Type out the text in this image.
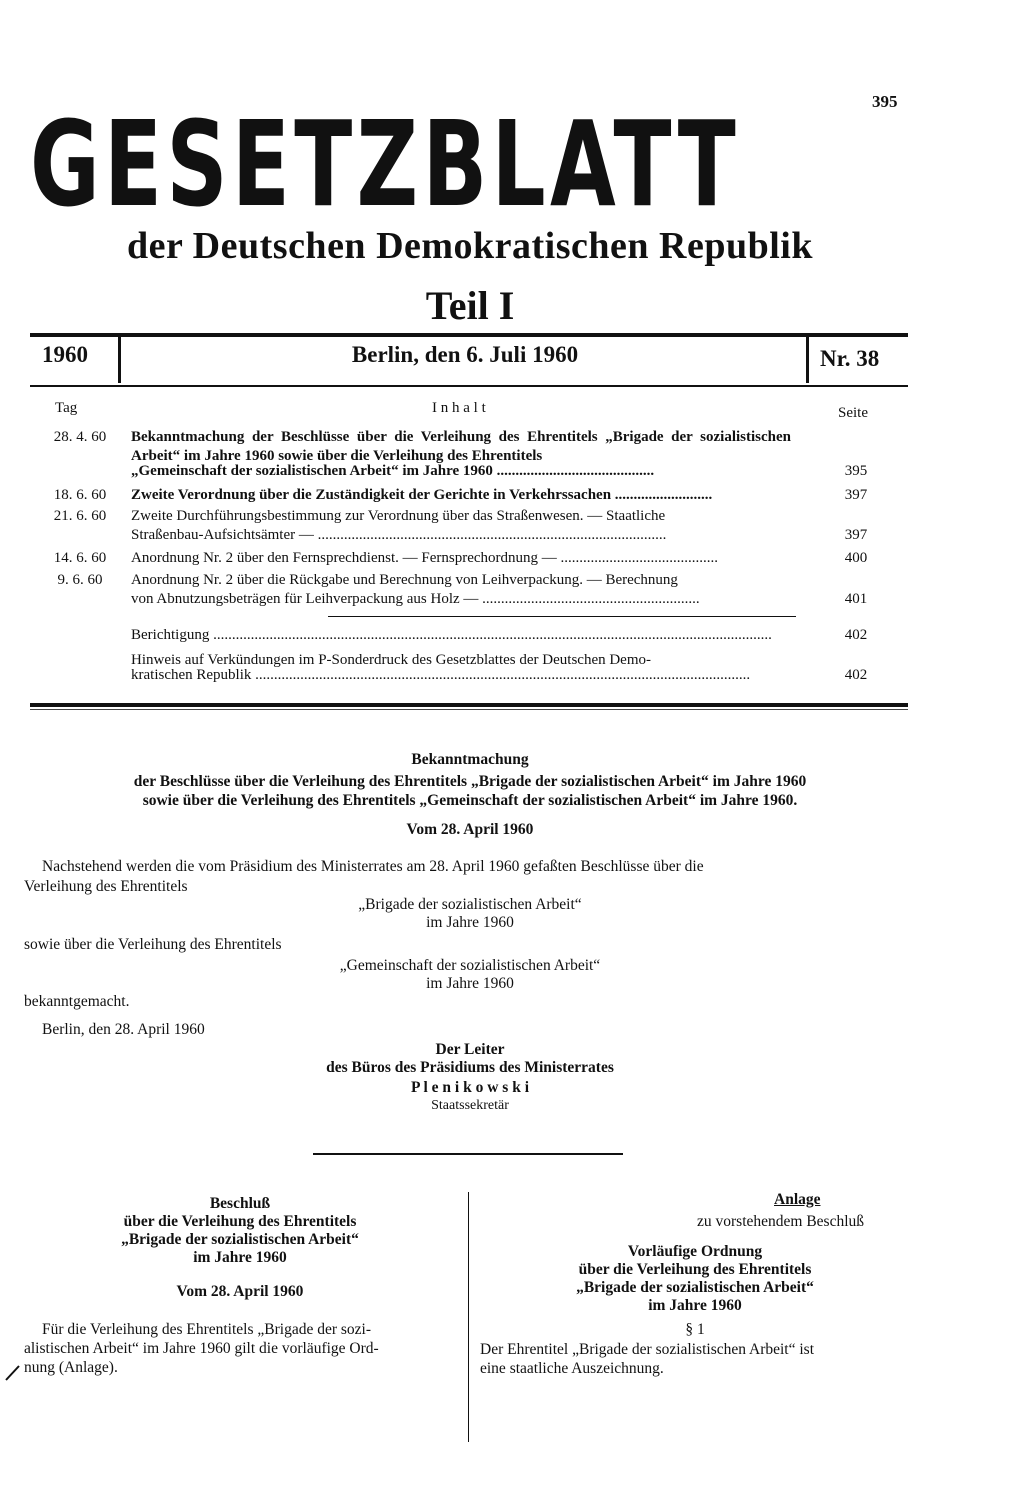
395
GESETZBLATT
der Deutschen Demokratischen Republik
Teil I
1960	Berlin, den 6. Juli 1960	Nr. 38
Tag	I n h a l t	Seite
28. 4. 60	Bekanntmachung der Beschlüsse über die Verleihung des Ehrentitels „Brigade der sozialistischen Arbeit“ im Jahre 1960 sowie über die Verleihung des Ehrentitels
„Gemeinschaft der sozialistischen Arbeit“ im Jahre 1960 ..........................................	395
18. 6. 60	Zweite Verordnung über die Zuständigkeit der Gerichte in Verkehrssachen ..........................	397
21. 6. 60	Zweite Durchführungsbestimmung zur Verordnung über das Straßenwesen. — Staatliche
Straßenbau-Aufsichtsämter — .............................................................................................	397
14. 6. 60	Anordnung Nr. 2 über den Fernsprechdienst. — Fernsprechordnung — ..........................................	400
9. 6. 60	Anordnung Nr. 2 über die Rückgabe und Berechnung von Leihverpackung. — Berechnung
von Abnutzungsbeträgen für Leihverpackung aus Holz — ..........................................................	401
Berichtigung .....................................................................................................................................................	402
Hinweis auf Verkündungen im P-Sonderdruck des Gesetzblattes der Deutschen Demo-
kratischen Republik ....................................................................................................................................	402
Bekanntmachung
der Beschlüsse über die Verleihung des Ehrentitels „Brigade der sozialistischen Arbeit“ im Jahre 1960
sowie über die Verleihung des Ehrentitels „Gemeinschaft der sozialistischen Arbeit“ im Jahre 1960.
Vom 28. April 1960
Nachstehend werden die vom Präsidium des Ministerrates am 28. April 1960 gefaßten Beschlüsse über die
Verleihung des Ehrentitels
„Brigade der sozialistischen Arbeit“
im Jahre 1960
sowie über die Verleihung des Ehrentitels
„Gemeinschaft der sozialistischen Arbeit“
im Jahre 1960
bekanntgemacht.
Berlin, den 28. April 1960
Der Leiter
des Büros des Präsidiums des Ministerrates
P l e n i k o w s k i
Staatssekretär
Beschluß
über die Verleihung des Ehrentitels
„Brigade der sozialistischen Arbeit“
im Jahre 1960
Vom 28. April 1960
Für die Verleihung des Ehrentitels „Brigade der sozi-
alistischen Arbeit“ im Jahre 1960 gilt die vorläufige Ord-
nung (Anlage).
Anlage
zu vorstehendem Beschluß
Vorläufige Ordnung
über die Verleihung des Ehrentitels
„Brigade der sozialistischen Arbeit“
im Jahre 1960
§ 1
Der Ehrentitel „Brigade der sozialistischen Arbeit“ ist
eine staatliche Auszeichnung.
